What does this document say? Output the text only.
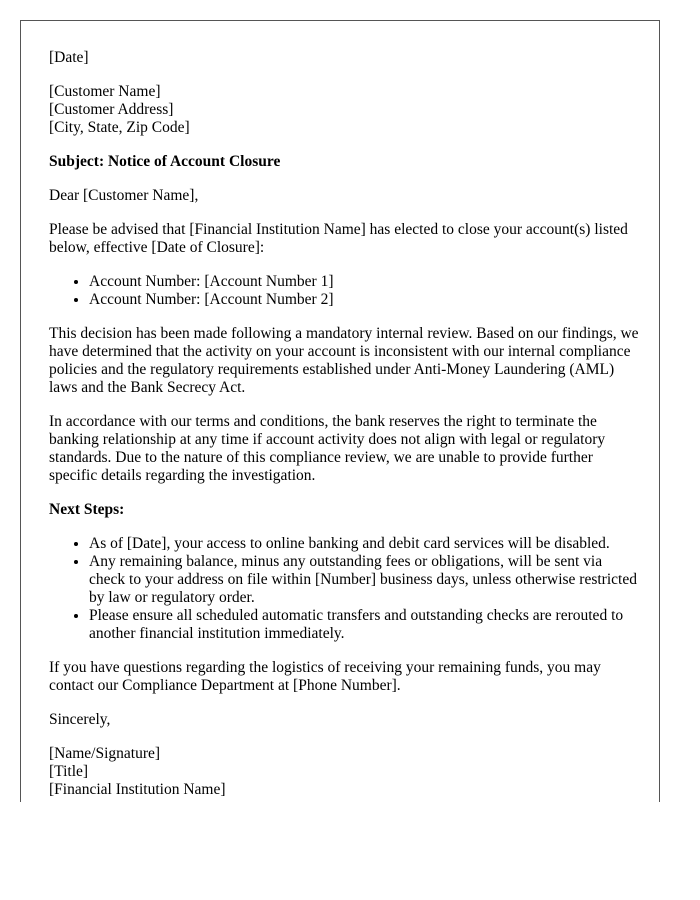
[Date]

[Customer Name]

[Customer Address]

[City, State, Zip Code]

Subject: Notice of Account Closure

Dear [Customer Name],

Please be advised that [Financial Institution Name] has elected to close your account(s) listed below, effective [Date of Closure]:

• Account Number: [Account Number 1]
• Account Number: [Account Number 2]

This decision has been made following a mandatory internal review. Based on our findings, we have determined that the activity on your account is inconsistent with our internal compliance policies and the regulatory requirements established under Anti-Money Laundering (AML) laws and the Bank Secrecy Act.

In accordance with our terms and conditions, the bank reserves the right to terminate the banking relationship at any time if account activity does not align with legal or regulatory standards. Due to the nature of this compliance review, we are unable to provide further specific details regarding the investigation.

Next Steps:

• As of [Date], your access to online banking and debit card services will be disabled.
• Any remaining balance, minus any outstanding fees or obligations, will be sent via check to your address on file within [Number] business days, unless otherwise restricted by law or regulatory order.
• Please ensure all scheduled automatic transfers and outstanding checks are rerouted to another financial institution immediately.

If you have questions regarding the logistics of receiving your remaining funds, you may contact our Compliance Department at [Phone Number].

Sincerely,

[Name/Signature]

[Title]

[Financial Institution Name]
